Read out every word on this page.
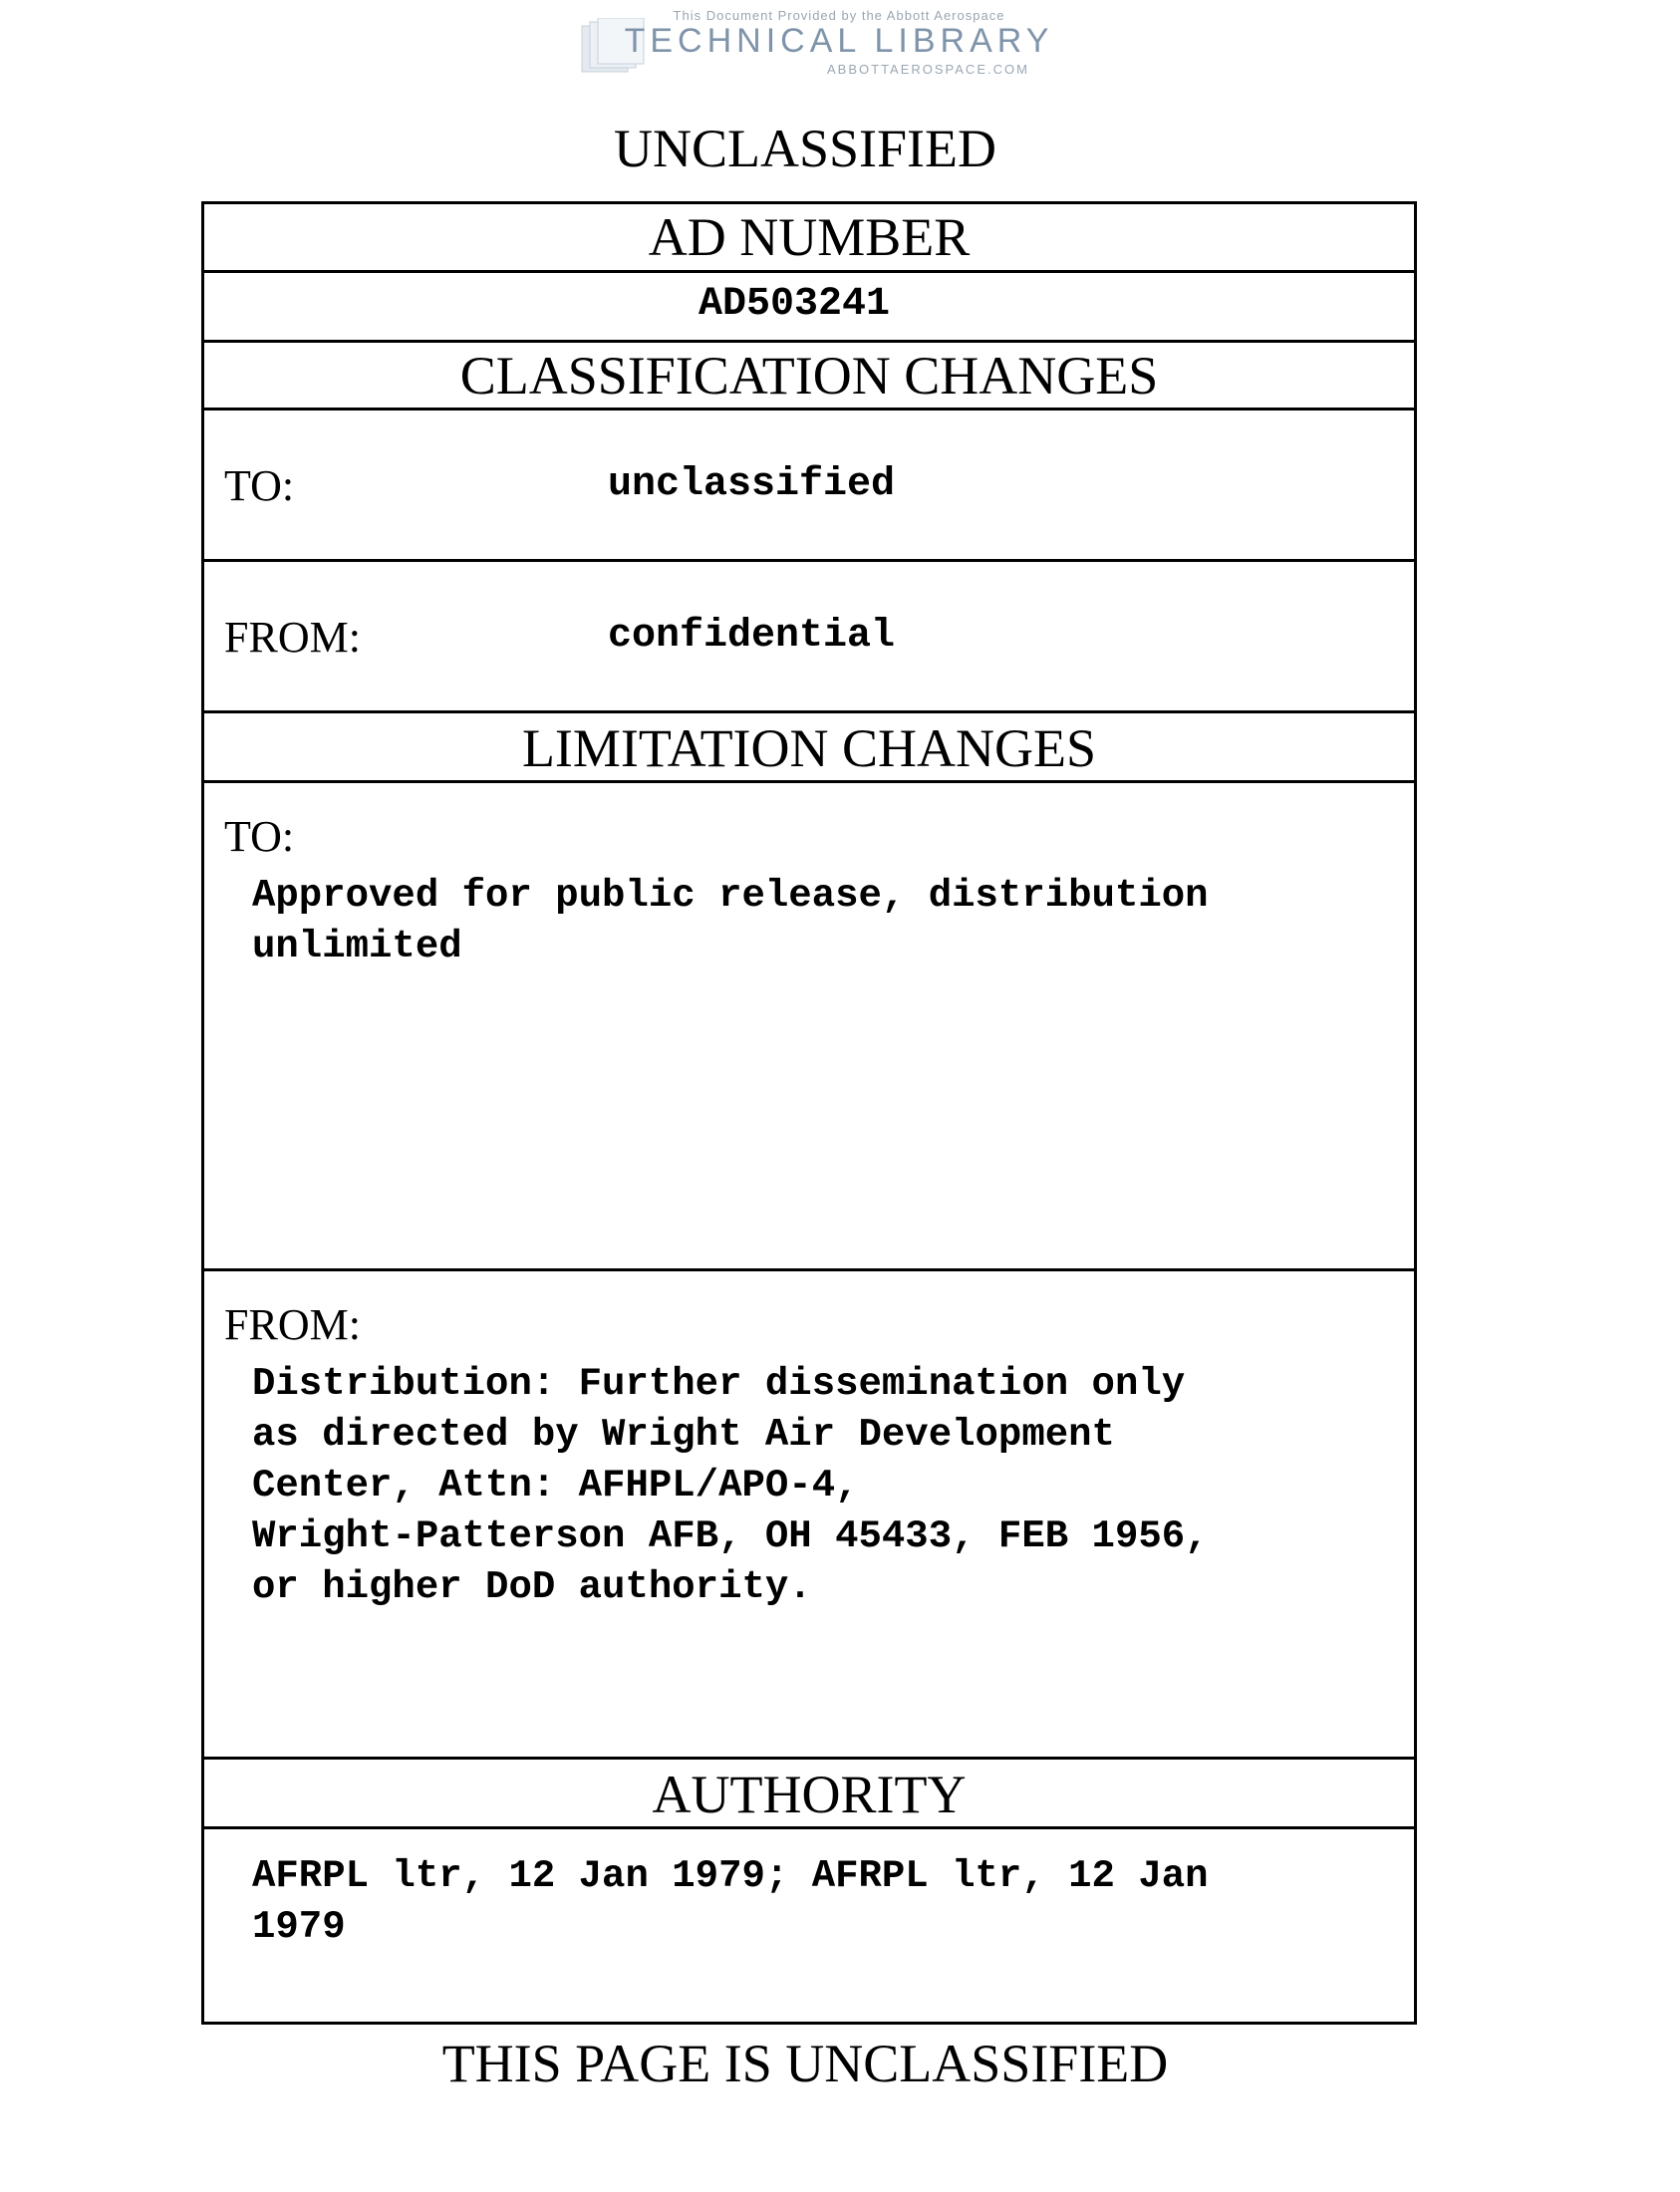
This Document Provided by the Abbott Aerospace
TECHNICAL LIBRARY
ABBOTTAEROSPACE.COM
UNCLASSIFIED
AD NUMBER
AD503241
CLASSIFICATION CHANGES
TO:	unclassified
FROM:	confidential
LIMITATION CHANGES
TO:
Approved for public release, distribution
unlimited
FROM:
Distribution: Further dissemination only
as directed by Wright Air Development
Center, Attn: AFHPL/APO-4,
Wright-Patterson AFB, OH 45433, FEB 1956,
or higher DoD authority.
AUTHORITY
AFRPL ltr, 12 Jan 1979; AFRPL ltr, 12 Jan
1979
THIS PAGE IS UNCLASSIFIED
